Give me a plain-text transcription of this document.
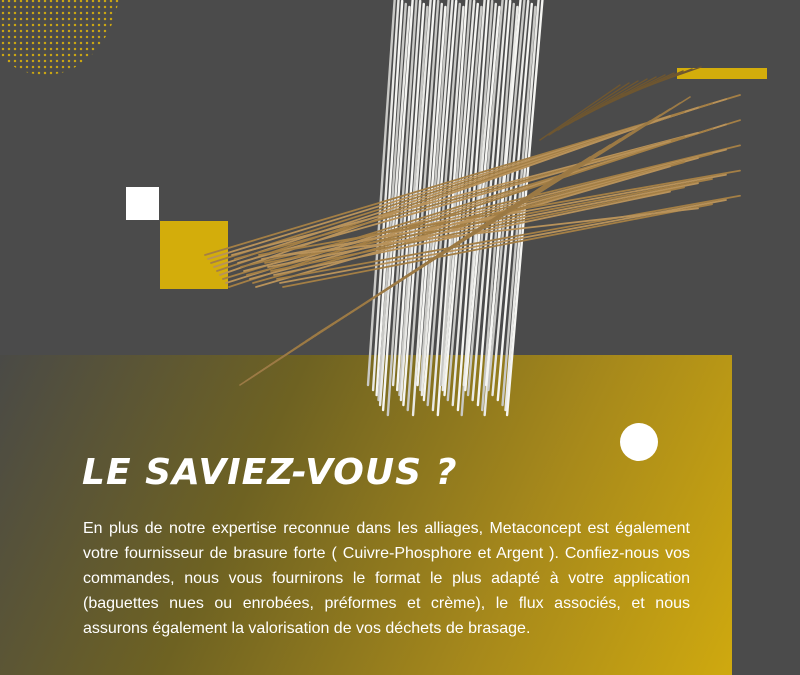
LE SAVIEZ-VOUS ?

En plus de notre expertise reconnue dans les alliages, Metaconcept est également votre fournisseur de brasure forte ( Cuivre-Phosphore et Argent ). Confiez-nous vos commandes, nous vous fournirons le format le plus adapté à votre application (baguettes nues ou enrobées, préformes et crème), le flux associés, et nous assurons également la valorisation de vos déchets de brasage.
